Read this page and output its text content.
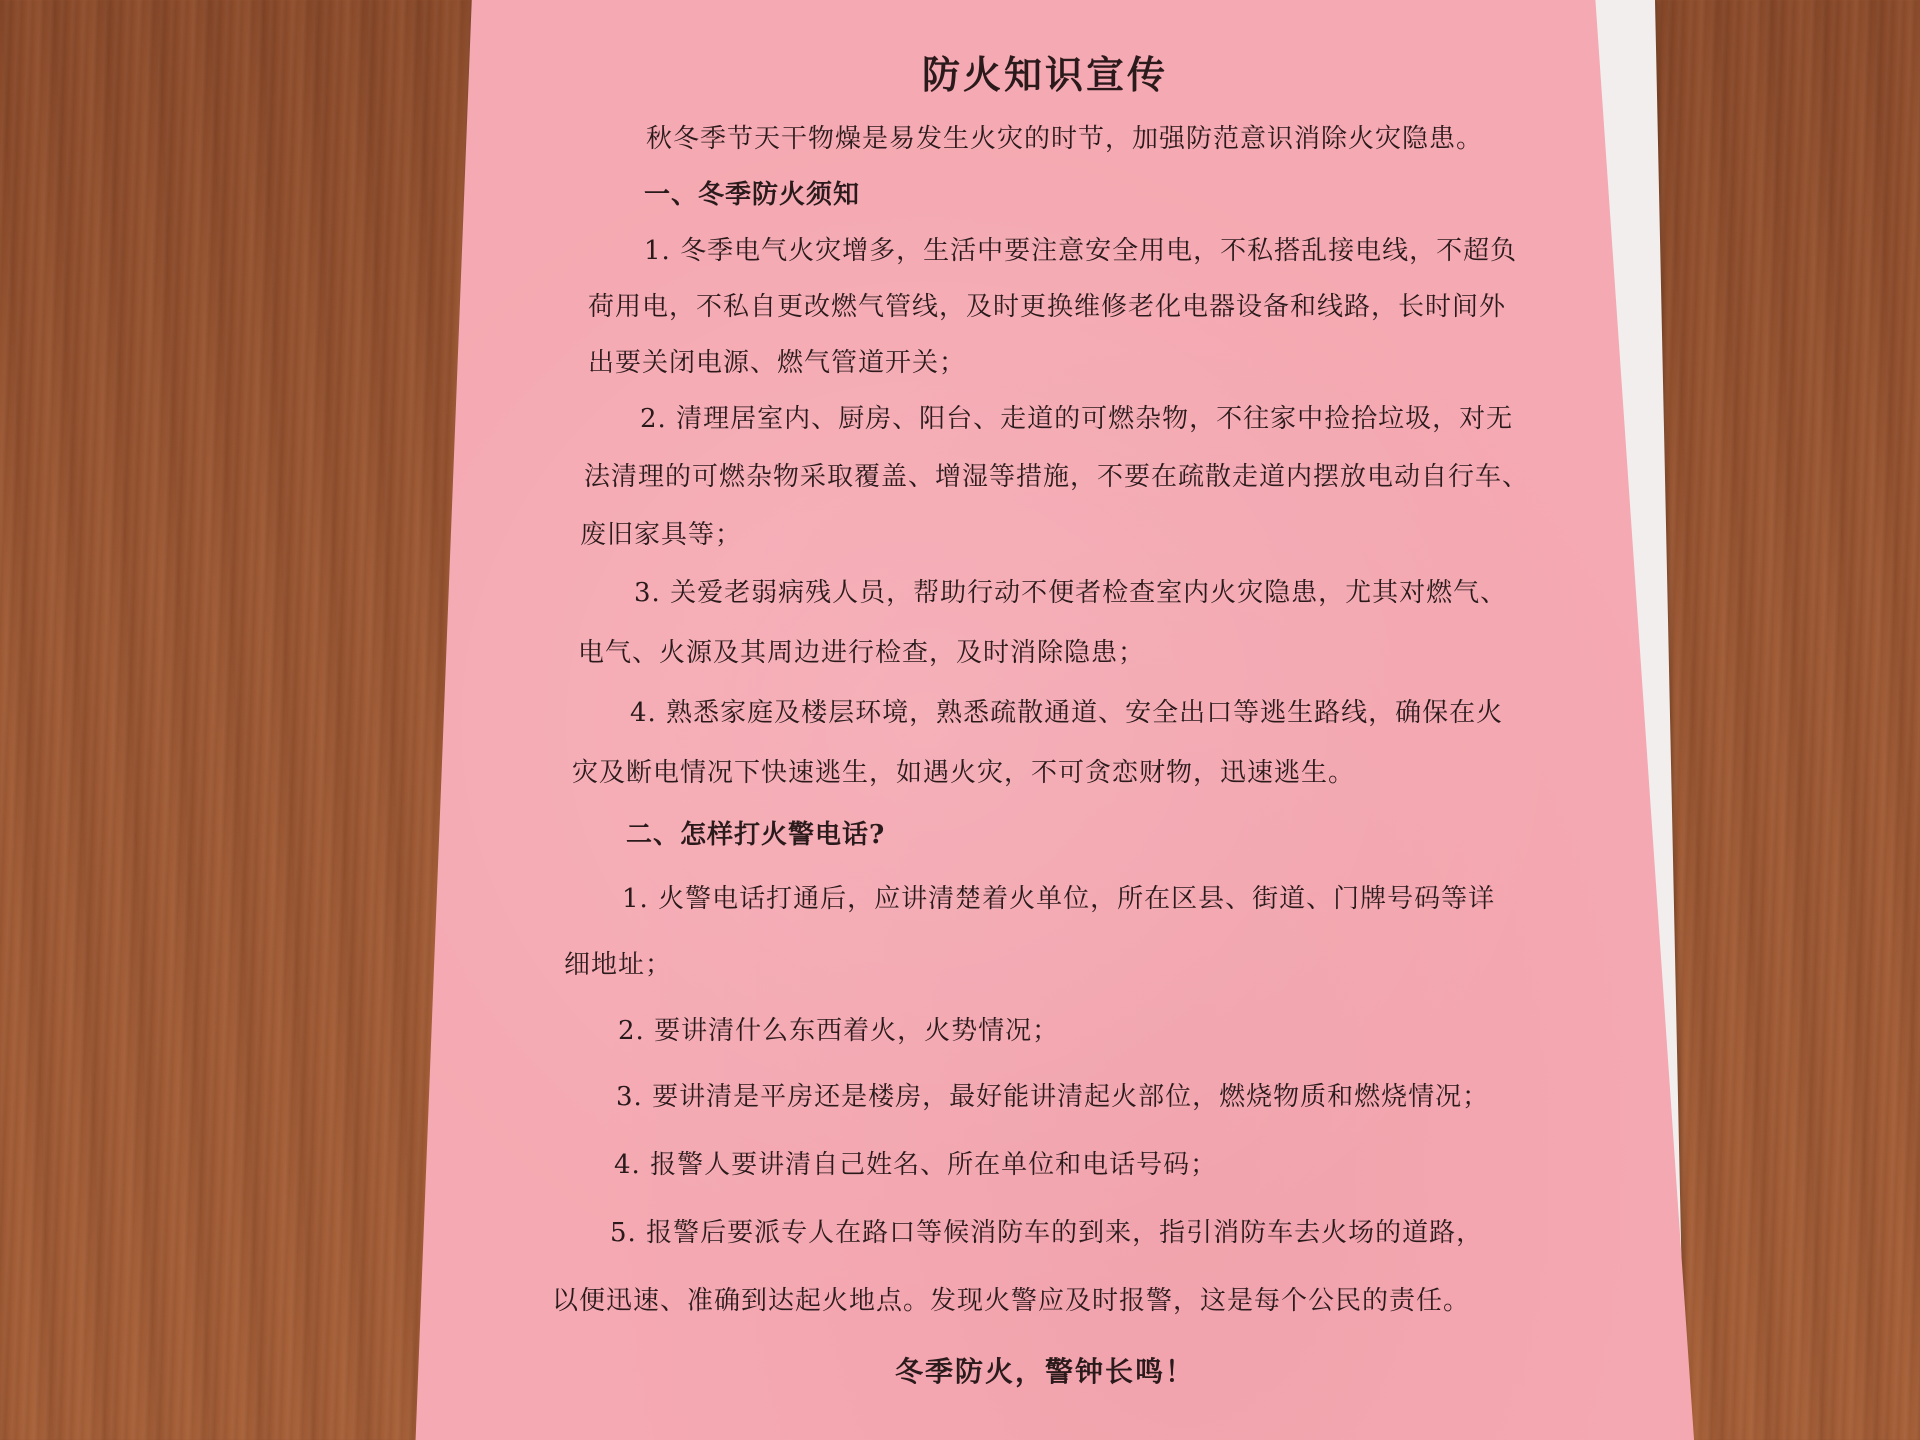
防火知识宣传
秋冬季节天干物燥是易发生火灾的时节，加强防范意识消除火灾隐患。
一、冬季防火须知
1. 冬季电气火灾增多，生活中要注意安全用电，不私搭乱接电线，不超负
荷用电，不私自更改燃气管线，及时更换维修老化电器设备和线路，长时间外
出要关闭电源、燃气管道开关；
2. 清理居室内、厨房、阳台、走道的可燃杂物，不往家中捡拾垃圾，对无
法清理的可燃杂物采取覆盖、增湿等措施，不要在疏散走道内摆放电动自行车、
废旧家具等；
3. 关爱老弱病残人员，帮助行动不便者检查室内火灾隐患，尤其对燃气、
电气、火源及其周边进行检查，及时消除隐患；
4. 熟悉家庭及楼层环境，熟悉疏散通道、安全出口等逃生路线，确保在火
灾及断电情况下快速逃生，如遇火灾，不可贪恋财物，迅速逃生。
二、怎样打火警电话?
1. 火警电话打通后，应讲清楚着火单位，所在区县、街道、门牌号码等详
细地址；
2. 要讲清什么东西着火，火势情况；
3. 要讲清是平房还是楼房，最好能讲清起火部位，燃烧物质和燃烧情况；
4. 报警人要讲清自己姓名、所在单位和电话号码；
5. 报警后要派专人在路口等候消防车的到来，指引消防车去火场的道路，
以便迅速、准确到达起火地点。发现火警应及时报警，这是每个公民的责任。
冬季防火，警钟长鸣！
